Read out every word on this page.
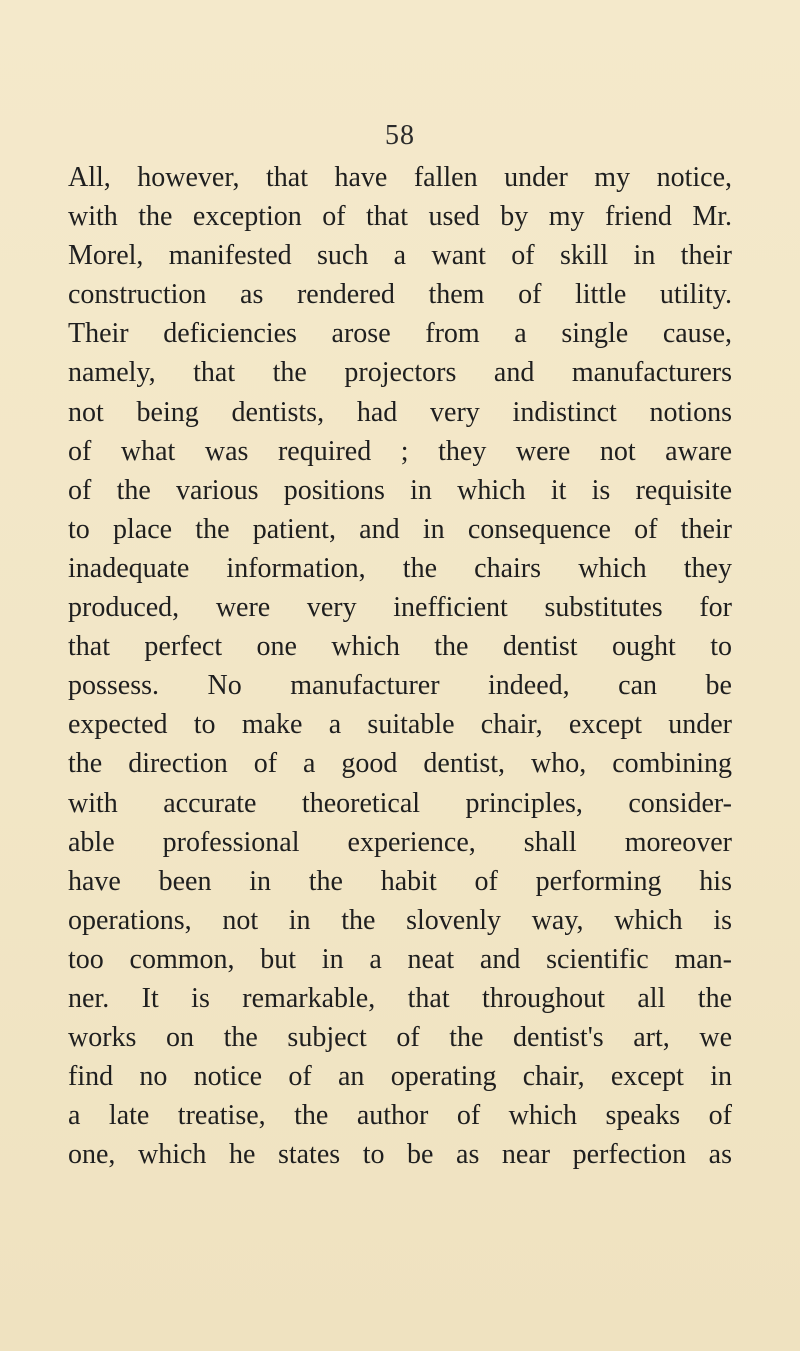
58
All, however, that have fallen under my notice,
with the exception of that used by my friend Mr.
Morel, manifested such a want of skill in their
construction as rendered them of little utility.
Their deficiencies arose from a single cause,
namely, that the projectors and manufacturers
not being dentists, had very indistinct notions
of what was required ; they were not aware
of the various positions in which it is requisite
to place the patient, and in consequence of their
inadequate information, the chairs which they
produced, were very inefficient substitutes for
that perfect one which the dentist ought to
possess. No manufacturer indeed, can be
expected to make a suitable chair, except under
the direction of a good dentist, who, combining
with accurate theoretical principles, consider-
able professional experience, shall moreover
have been in the habit of performing his
operations, not in the slovenly way, which is
too common, but in a neat and scientific man-
ner. It is remarkable, that throughout all the
works on the subject of the dentist's art, we
find no notice of an operating chair, except in
a late treatise, the author of which speaks of
one, which he states to be as near perfection as
